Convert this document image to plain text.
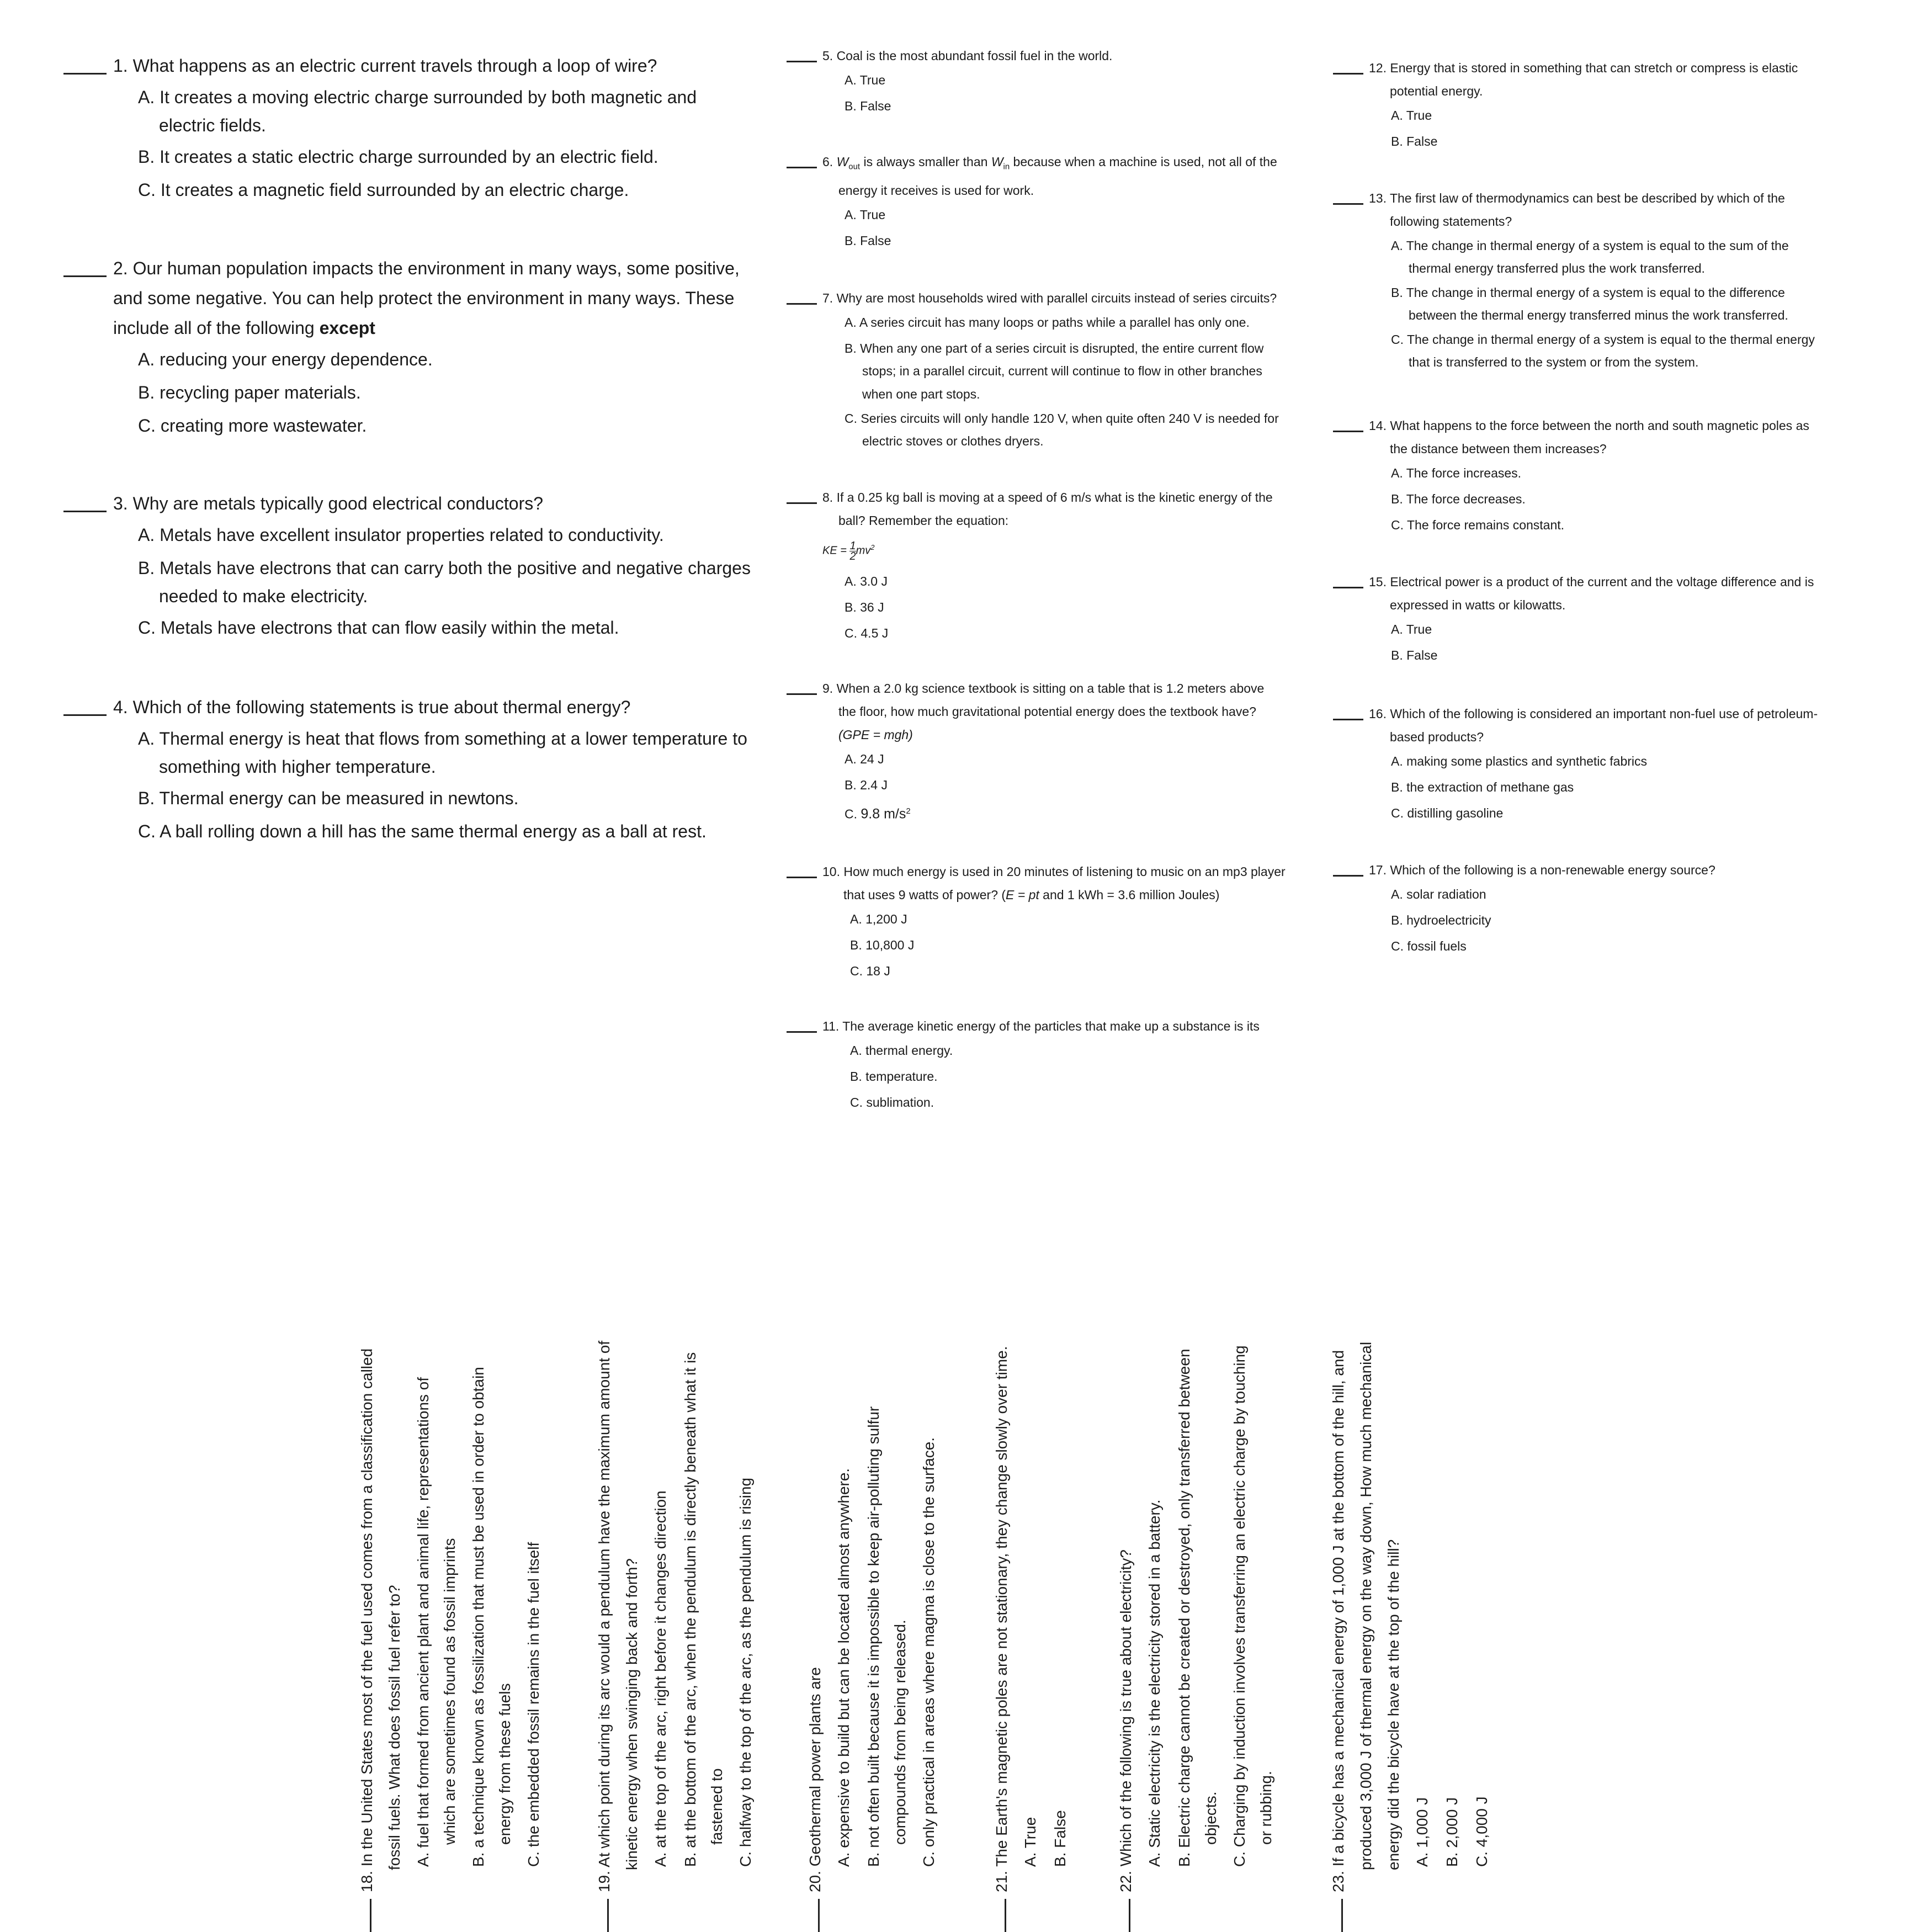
1. What happens as an electric current travels through a loop of wire?
A. It creates a moving electric charge surrounded by both magnetic and
electric fields.
B. It creates a static electric charge surrounded by an electric field.
C. It creates a magnetic field surrounded by an electric charge.
2. Our human population impacts the environment in many ways, some positive,
and some negative. You can help protect the environment in many ways. These
include all of the following except
A. reducing your energy dependence.
B. recycling paper materials.
C. creating more wastewater.
3. Why are metals typically good electrical conductors?
A. Metals have excellent insulator properties related to conductivity.
B. Metals have electrons that can carry both the positive and negative charges
needed to make electricity.
C. Metals have electrons that can flow easily within the metal.
4. Which of the following statements is true about thermal energy?
A. Thermal energy is heat that flows from something at a lower temperature to
something with higher temperature.
B. Thermal energy can be measured in newtons.
C. A ball rolling down a hill has the same thermal energy as a ball at rest.
5. Coal is the most abundant fossil fuel in the world.
A. True
B. False
6. $W_{out}$ is always smaller than $W_{in}$ because when a machine is used, not all of the
energy it receives is used for work.
A. True
B. False
7. Why are most households wired with parallel circuits instead of series circuits?
A. A series circuit has many loops or paths while a parallel has only one.
B. When any one part of a series circuit is disrupted, the entire current flow
stops; in a parallel circuit, current will continue to flow in other branches
when one part stops.
C. Series circuits will only handle 120 V, when quite often 240 V is needed for
electric stoves or clothes dryers.
8. If a 0.25 kg ball is moving at a speed of 6 m/s what is the kinetic energy of the
ball? Remember the equation:
KE = $\frac{1}{2} mv^2$
A. 3.0 J
B. 36 J
C. 4.5 J
9. When a 2.0 kg science textbook is sitting on a table that is 1.2 meters above
the floor, how much gravitational potential energy does the textbook have?
(GPE = mgh)
A. 24 J
B. 2.4 J
C. 9.8 $m/s^2$
10. How much energy is used in 20 minutes of listening to music on an mp3 player
that uses 9 watts of power? (E = pt and 1 kWh = 3.6 million Joules)
A. 1,200 J
B. 10,800 J
C. 18 J
11. The average kinetic energy of the particles that make up a substance is its
A. thermal energy.
B. temperature.
C. sublimation.
12. Energy that is stored in something that can stretch or compress is elastic
potential energy.
A. True
B. False
13. The first law of thermodynamics can best be described by which of the
following statements?
A. The change in thermal energy of a system is equal to the sum of the
thermal energy transferred plus the work transferred.
B. The change in thermal energy of a system is equal to the difference
between the thermal energy transferred minus the work transferred.
C. The change in thermal energy of a system is equal to the thermal energy
that is transferred to the system or from the system.
14. What happens to the force between the north and south magnetic poles as
the distance between them increases?
A. The force increases.
B. The force decreases.
C. The force remains constant.
15. Electrical power is a product of the current and the voltage difference and is
expressed in watts or kilowatts.
A. True
B. False
16. Which of the following is considered an important non-fuel use of petroleum-
based products?
A. making some plastics and synthetic fabrics
B. the extraction of methane gas
C. distilling gasoline
17. Which of the following is a non-renewable energy source?
A. solar radiation
B. hydroelectricity
C. fossil fuels
18. In the United States most of the fuel used comes from a classification called fossil fuels. What does fossil fuel refer to? A. fuel that formed from ancient plant and animal life, representations of which are sometimes found as fossil imprints B. a technique known as fossilization that must be used in order to obtain energy from these fuels C. the embedded fossil remains in the fuel itself	19. At which point during its arc would a pendulum have the maximum amount of kinetic energy when swinging back and forth? A. at the top of the arc, right before it changes direction B. at the bottom of the arc, when the pendulum is directly beneath what it is fastened to C. halfway to the top of the arc, as the pendulum is rising	20. Geothermal power plants are A. expensive to build but can be located almost anywhere. B. not often built because it is impossible to keep air-polluting sulfur compounds from being released. C. only practical in areas where magma is close to the surface.	21. The Earth's magnetic poles are not stationary, they change slowly over time. A. True B. False	22. Which of the following is true about electricity? A. Static electricity is the electricity stored in a battery. B. Electric charge cannot be created or destroyed, only transferred between objects. C. Charging by induction involves transferring an electric charge by touching or rubbing.	23. If a bicycle has a mechanical energy of 1,000 J at the bottom of the hill, and produced 3,000 J of thermal energy on the way down, How much mechanical energy did the bicycle have at the top of the hill? A. 1,000 J B. 2,000 J C. 4,000 J
